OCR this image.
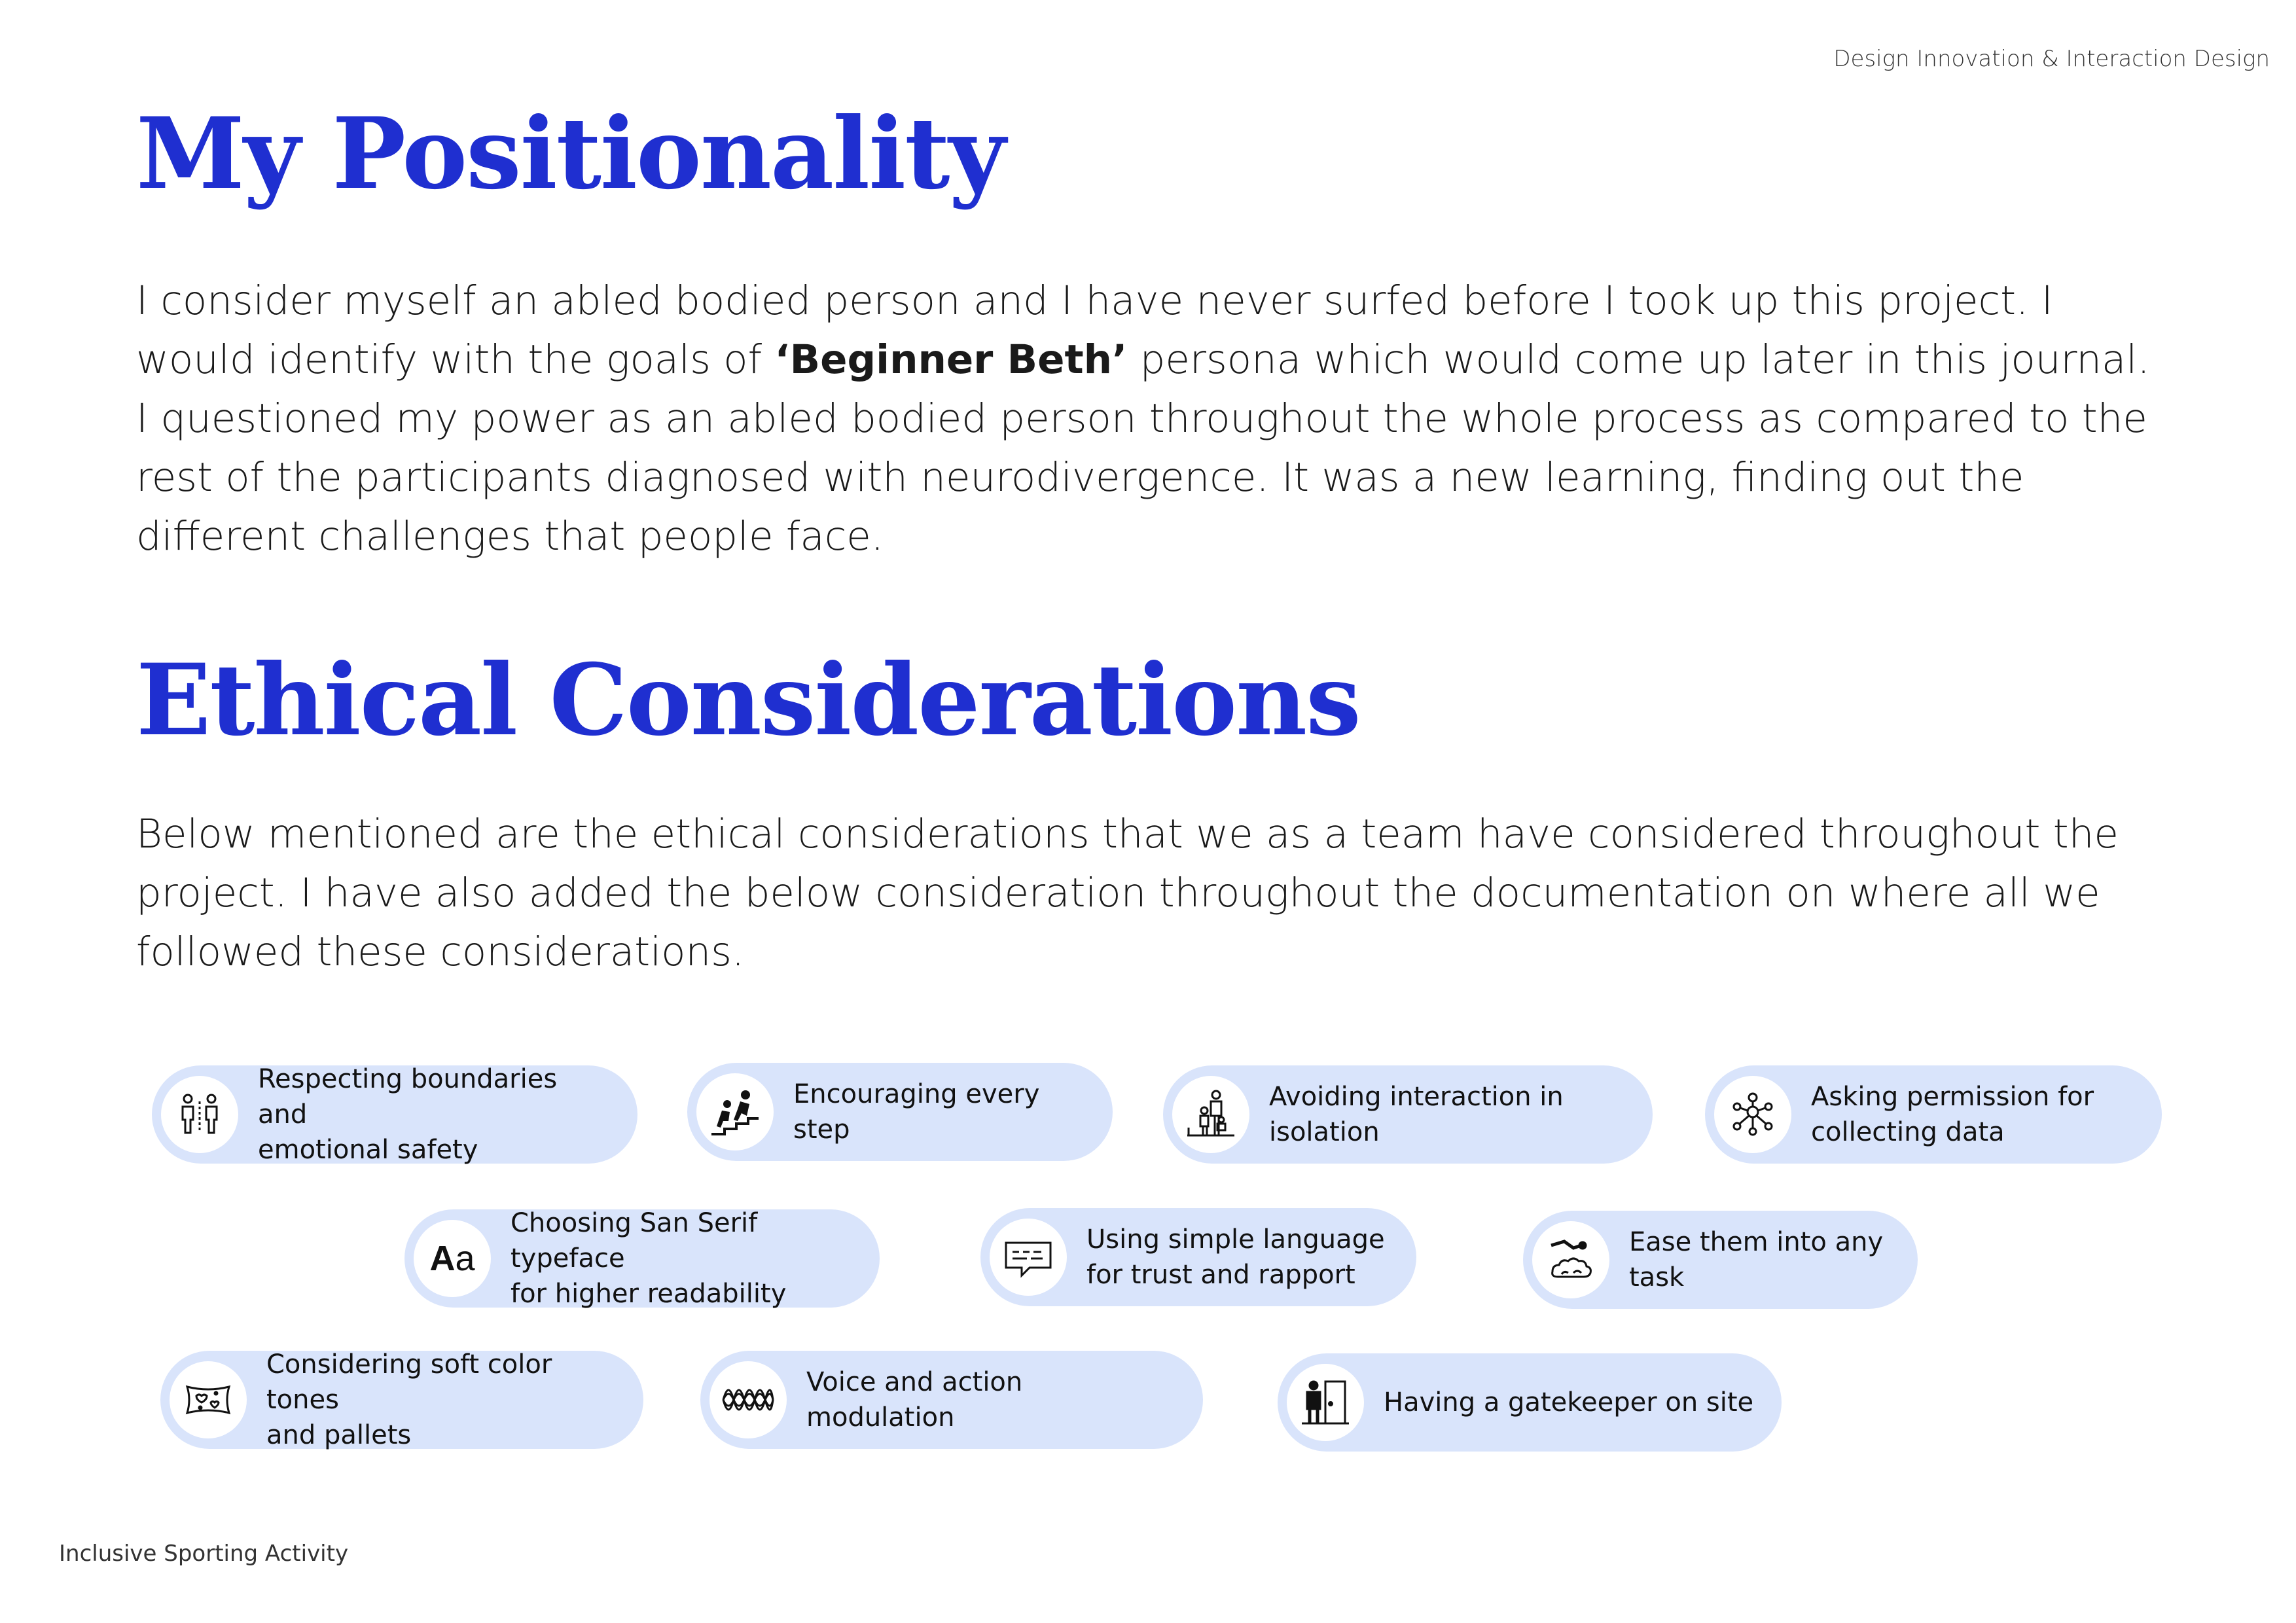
Design Innovation & Interaction Design
My Positionality

I consider myself an abled bodied person and I have never surfed before I took up this project. I would identify with the goals of ‘Beginner Beth’ persona which would come up later in this journal. I questioned my power as an abled bodied person throughout the whole process as compared to the rest of the participants diagnosed with neurodivergence. It was a new learning, finding out the different challenges that people face.

Ethical Considerations

Below mentioned are the ethical considerations that we as a team have considered throughout the project. I have also added the below consideration throughout the documentation on where all we followed these considerations.

Respecting boundaries and
emotional safety
Encouraging every
step
Avoiding interaction in
isolation
Asking permission for
collecting data
Aa
Choosing San Serif typeface
for higher readability
Using simple language
for trust and rapport
Ease them into any
task
Considering soft color tones
and pallets
Voice and action modulation	Having a gatekeeper on site
Inclusive Sporting Activity
